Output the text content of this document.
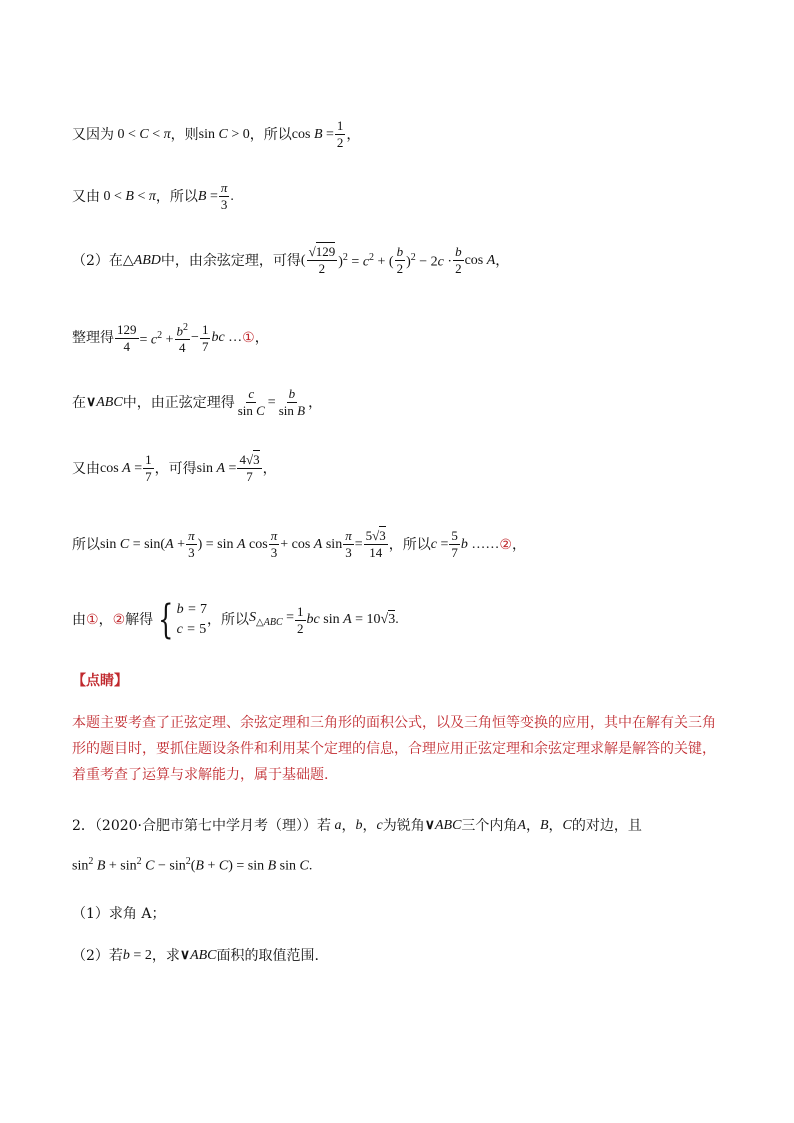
又因为 0 < C < π ，则 sin C > 0 ，所以 $\cos B = \frac{1}{2}$ ，
又由 0 < B < π ，所以 $B = \frac{\pi}{3}$ .
（2）在 △ABD 中，由余弦定理，可得 ( $\frac{√129}{2} )^2 = c^2$ + ( $\frac{b}{2} )^2 - 2c \cdot \frac{b}{2}$ cos A ，
整理得 $\frac{129}{4} = c^2 + \frac{b^2}{4} - \frac{1}{7}$ bc … ① ，
在 ∨ABC 中，由正弦定理得 $\frac{c}{\text{sin C}} = \frac{b}{\text{sin B}}$ ，
又由 $\cos A = \frac{1}{7}$ ，可得 $\sin A = \frac{4√3}{7}$ ，
所以 $\sin C = \sin(A + \frac{\pi}{3}$ ) = sin A $\cos \frac{\pi}{3} + \cos A$ $\sin \frac{\pi}{3} = \frac{5√3}{14}$ ，所以 $c = \frac{5}{7}$ b …… ② ，
由 ① ， ② 解得 { b = 7
c = 5
，所以 $S_{\triangle ABC} = \frac{1}{2}$ bc sin A = 10√3.
【点睛】
本题主要考查了正弦定理、余弦定理和三角形的面积公式，以及三角恒等变换的应用，其中在解有关三角形的题目时，要抓住题设条件和利用某个定理的信息，合理应用正弦定理和余弦定理求解是解答的关键，着重考查了运算与求解能力，属于基础题.
2．（2020·合肥市第七中学月考（理））若 a ， b ， c 为锐角 ∨ABC 三个内角 A ， B ， C 的对边，且
$\sin^2 B + \sin^2 C - \sin^2(B + C) = \sin B$ sin C.
（1）求角 A；
（2）若 b = 2 ，求 ∨ABC 面积的取值范围.
